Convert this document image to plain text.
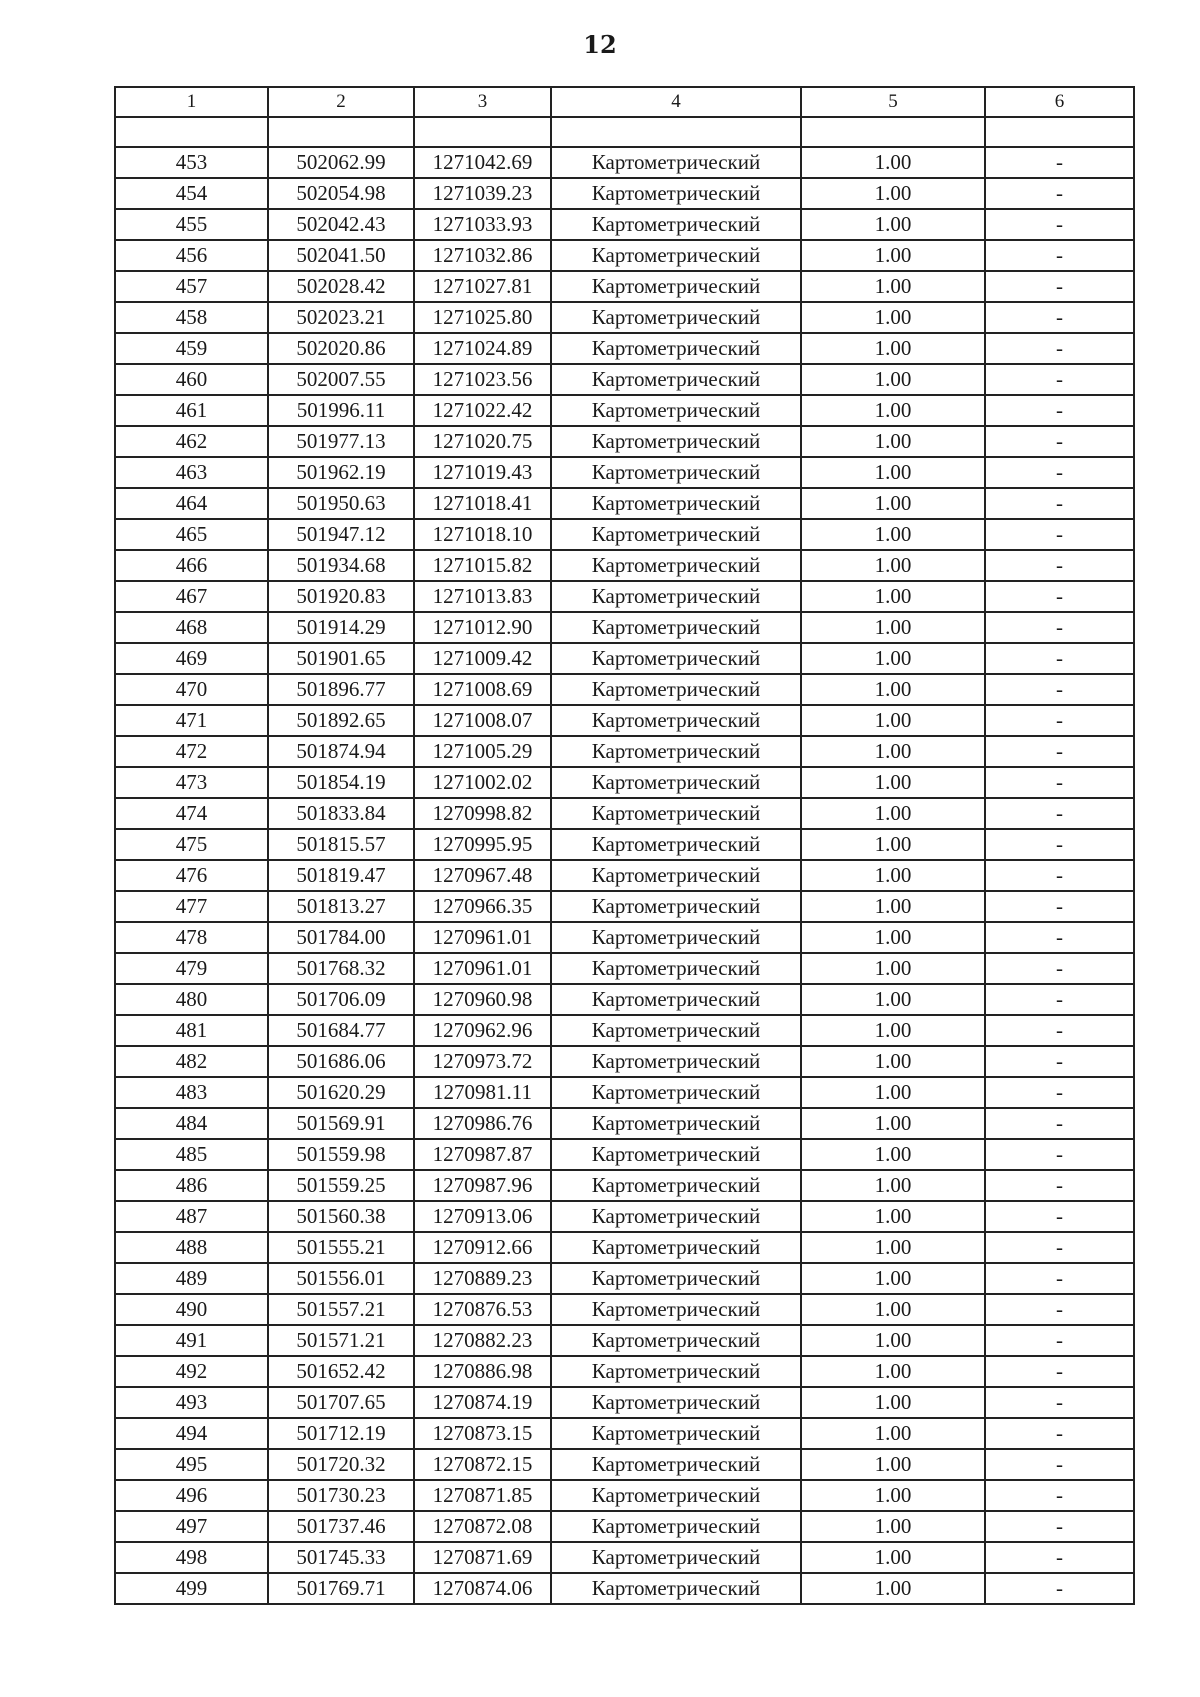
12
1	2	3	4	5	6

453	502062.99	1271042.69	Картометрический	1.00	-
454	502054.98	1271039.23	Картометрический	1.00	-
455	502042.43	1271033.93	Картометрический	1.00	-
456	502041.50	1271032.86	Картометрический	1.00	-
457	502028.42	1271027.81	Картометрический	1.00	-
458	502023.21	1271025.80	Картометрический	1.00	-
459	502020.86	1271024.89	Картометрический	1.00	-
460	502007.55	1271023.56	Картометрический	1.00	-
461	501996.11	1271022.42	Картометрический	1.00	-
462	501977.13	1271020.75	Картометрический	1.00	-
463	501962.19	1271019.43	Картометрический	1.00	-
464	501950.63	1271018.41	Картометрический	1.00	-
465	501947.12	1271018.10	Картометрический	1.00	-
466	501934.68	1271015.82	Картометрический	1.00	-
467	501920.83	1271013.83	Картометрический	1.00	-
468	501914.29	1271012.90	Картометрический	1.00	-
469	501901.65	1271009.42	Картометрический	1.00	-
470	501896.77	1271008.69	Картометрический	1.00	-
471	501892.65	1271008.07	Картометрический	1.00	-
472	501874.94	1271005.29	Картометрический	1.00	-
473	501854.19	1271002.02	Картометрический	1.00	-
474	501833.84	1270998.82	Картометрический	1.00	-
475	501815.57	1270995.95	Картометрический	1.00	-
476	501819.47	1270967.48	Картометрический	1.00	-
477	501813.27	1270966.35	Картометрический	1.00	-
478	501784.00	1270961.01	Картометрический	1.00	-
479	501768.32	1270961.01	Картометрический	1.00	-
480	501706.09	1270960.98	Картометрический	1.00	-
481	501684.77	1270962.96	Картометрический	1.00	-
482	501686.06	1270973.72	Картометрический	1.00	-
483	501620.29	1270981.11	Картометрический	1.00	-
484	501569.91	1270986.76	Картометрический	1.00	-
485	501559.98	1270987.87	Картометрический	1.00	-
486	501559.25	1270987.96	Картометрический	1.00	-
487	501560.38	1270913.06	Картометрический	1.00	-
488	501555.21	1270912.66	Картометрический	1.00	-
489	501556.01	1270889.23	Картометрический	1.00	-
490	501557.21	1270876.53	Картометрический	1.00	-
491	501571.21	1270882.23	Картометрический	1.00	-
492	501652.42	1270886.98	Картометрический	1.00	-
493	501707.65	1270874.19	Картометрический	1.00	-
494	501712.19	1270873.15	Картометрический	1.00	-
495	501720.32	1270872.15	Картометрический	1.00	-
496	501730.23	1270871.85	Картометрический	1.00	-
497	501737.46	1270872.08	Картометрический	1.00	-
498	501745.33	1270871.69	Картометрический	1.00	-
499	501769.71	1270874.06	Картометрический	1.00	-
